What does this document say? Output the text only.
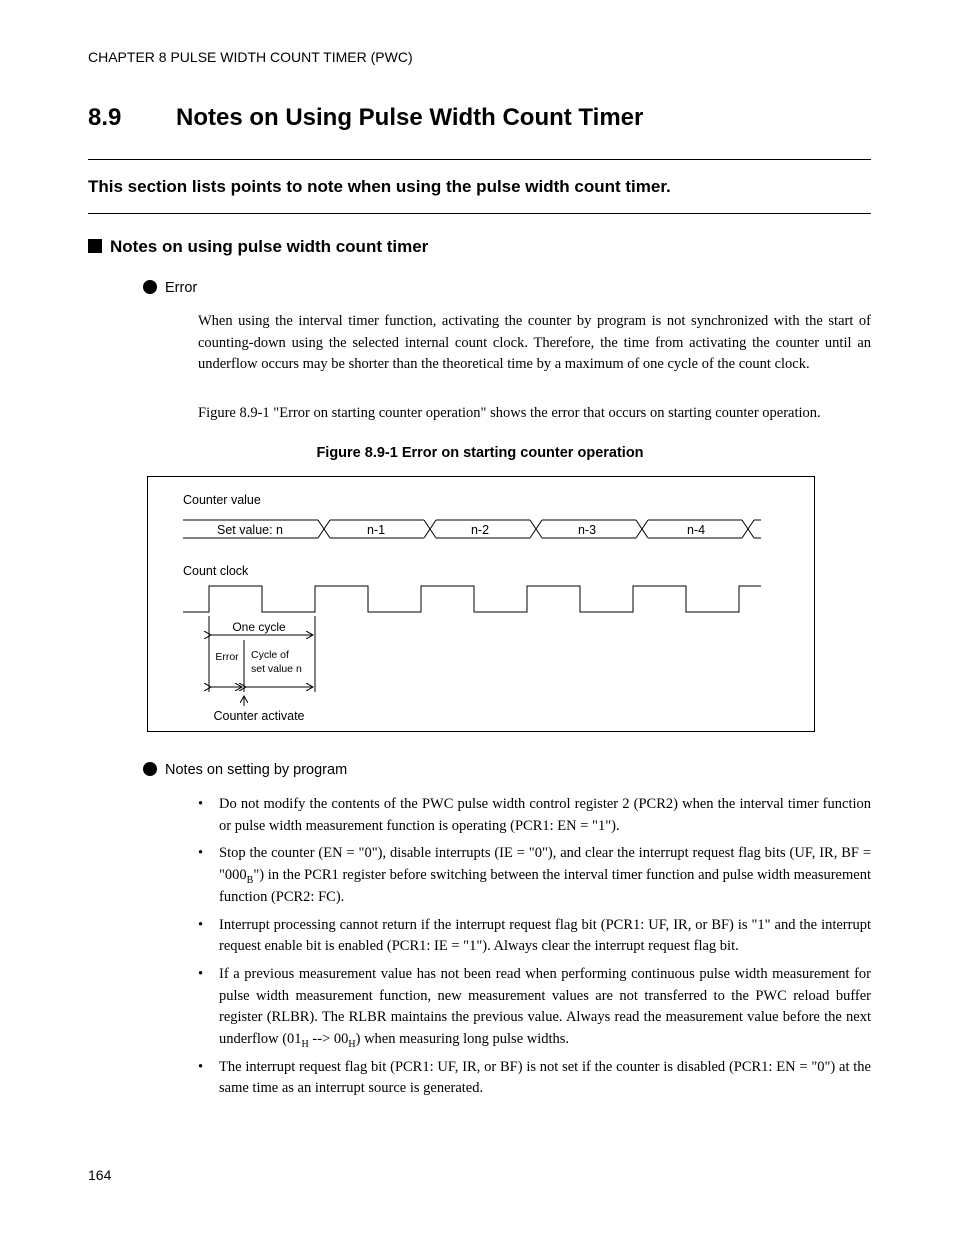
CHAPTER 8 PULSE WIDTH COUNT TIMER (PWC)
8.9 Notes on Using Pulse Width Count Timer
This section lists points to note when using the pulse width count timer.
Notes on using pulse width count timer
Error
When using the interval timer function, activating the counter by program is not synchronized with the start of counting-down using the selected internal count clock. Therefore, the time from activating the counter until an underflow occurs may be shorter than the theoretical time by a maximum of one cycle of the count clock.
Figure 8.9-1 "Error on starting counter operation" shows the error that occurs on starting counter operation.
Figure 8.9-1 Error on starting counter operation
Counter value
Set value: n	n-1	n-2	n-3	n-4
Count clock
One cycle
Error Cycle of
set value n
Counter activate
Notes on setting by program
• Do not modify the contents of the PWC pulse width control register 2 (PCR2) when the interval timer function or pulse width measurement function is operating (PCR1: EN = "1").
• Stop the counter (EN = "0"), disable interrupts (IE = "0"), and clear the interrupt request flag bits (UF, IR, BF = "$000_B$") in the PCR1 register before switching between the interval timer function and pulse width measurement function (PCR2: FC).
• Interrupt processing cannot return if the interrupt request flag bit (PCR1: UF, IR, or BF) is "1" and the interrupt request enable bit is enabled (PCR1: IE = "1"). Always clear the interrupt request flag bit.
• If a previous measurement value has not been read when performing continuous pulse width measurement for pulse width measurement function, new measurement values are not transferred to the PWC reload buffer register (RLBR). The RLBR maintains the previous value. Always read the measurement value before the next underflow ($01_H$ --> $00_H$) when measuring long pulse widths.
• The interrupt request flag bit (PCR1: UF, IR, or BF) is not set if the counter is disabled (PCR1: EN = "0") at the same time as an interrupt source is generated.
164
